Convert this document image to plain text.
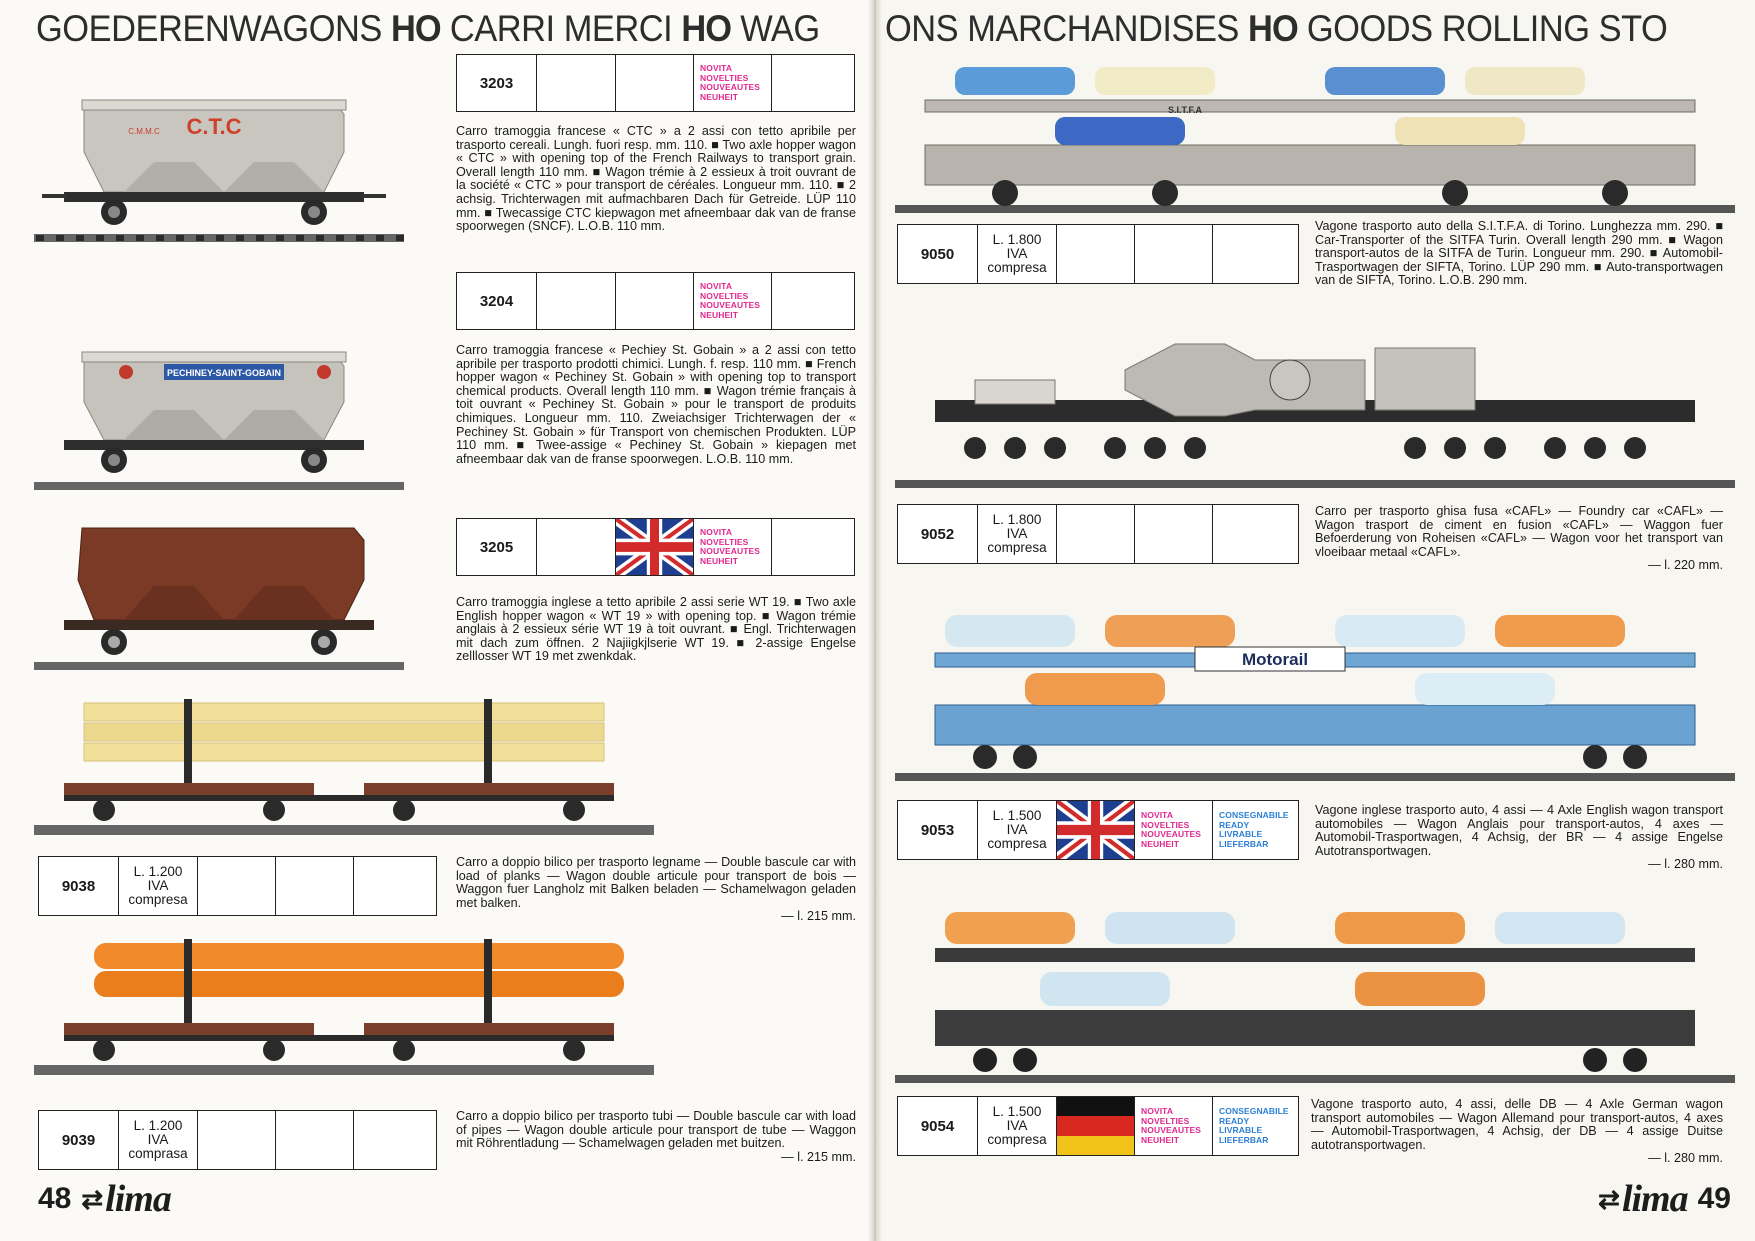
GOEDERENWAGONS HO CARRI MERCI HO WAG
C.T.C
C.M.M.C
3203
NOVITA
NOVELTIES
NOUVEAUTES
NEUHEIT
Carro tramoggia francese « CTC » a 2 assi con tetto apribile per trasporto cereali. Lungh. fuori resp. mm. 110. ■ Two axle hopper wagon « CTC » with opening top of the French Railways to transport grain. Overall length 110 mm. ■ Wagon trémie à 2 essieux à troit ouvrant de la société « CTC » pour transport de céréales. Longueur mm. 110. ■ 2 achsig. Trichterwagen mit aufmachbaren Dach für Getreide. LÜP 110 mm. ■ Twecassige CTC kiepwagon met afneembaar dak van de franse spoorwegen (SNCF). L.O.B. 110 mm.
PECHINEY-SAINT-GOBAIN
3204
NOVITA
NOVELTIES
NOUVEAUTES
NEUHEIT
Carro tramoggia francese « Pechiey St. Gobain » a 2 assi con tetto apribile per trasporto prodotti chimici. Lungh. f. resp. 110 mm. ■ French hopper wagon « Pechiney St. Gobain » with opening top to transport chemical products. Overall length 110 mm. ■ Wagon trémie français à toit ouvrant « Pechiney St. Gobain » pour le transport de produits chimiques. Longueur mm. 110. Zweiachsiger Trichterwagen der « Pechiney St. Gobain » für Transport von chemischen Produkten. LÜP 110 mm. ■ Twee-assige « Pechiney St. Gobain » kiepagen met afneembaar dak van de franse spoorwegen. L.O.B. 110 mm.
3205
NOVITA
NOVELTIES
NOUVEAUTES
NEUHEIT
Carro tramoggia inglese a tetto apribile 2 assi serie WT 19. ■ Two axle English hopper wagon « WT 19 » with opening top. ■ Wagon trémie anglais à 2 essieux série WT 19 à toit ouvrant. ■ Engl. Trichterwagen mit dach zum öffnen. 2 Najiigkjlserie WT 19. ■ 2-assige Engelse zelllosser WT 19 met zwenkdak.
9038
L. 1.200
IVA
compresa
Carro a doppio bilico per trasporto legname — Double bascule car with load of planks — Wagon double articule pour transport de bois — Waggon fuer Langholz mit Balken beladen — Schamelwagon geladen met balken.
— l. 215 mm.
9039
L. 1.200
IVA
comprasa
Carro a doppio bilico per trasporto tubi — Double bascule car with load of pipes — Wagon double articule pour transport de tube — Waggon mit Röhrentladung — Schamelwagen geladen met buitzen.
— l. 215 mm.
48 ⇄ lima
ONS MARCHANDISES HO GOODS ROLLING STO
S.I.T.F.A
9050
L. 1.800
IVA
compresa
Vagone trasporto auto della S.I.T.F.A. di Torino. Lunghezza mm. 290. ■ Car-Transporter of the SITFA Turin. Overall length 290 mm. ■ Wagon transport-autos de la SITFA de Turin. Longueur mm. 290. ■ Automobil-Trasportwagen der SIFTA, Torino. LÜP 290 mm. ■ Auto-transportwagen van de SIFTA, Torino. L.O.B. 290 mm.
9052
L. 1.800
IVA
compresa
Carro per trasporto ghisa fusa «CAFL» — Foundry car «CAFL» — Wagon trasport de ciment en fusion «CAFL» — Waggon fuer Befoerderung von Roheisen «CAFL» — Wagon voor het transport van vloeibaar metaal «CAFL».
— l. 220 mm.
Motorail
9053
L. 1.500
IVA
compresa
NOVITA
NOVELTIES
NOUVEAUTES
NEUHEIT
CONSEGNABILE
READY
LIVRABLE
LIEFERBAR
Vagone inglese trasporto auto, 4 assi — 4 Axle English wagon transport automobiles — Wagon Anglais pour transport-autos, 4 axes — Automobil-Trasportwagen, 4 Achsig, der BR — 4 assige Engelse Autotransportwagen.
— l. 280 mm.
9054
L. 1.500
IVA
compresa
NOVITA
NOVELTIES
NOUVEAUTES
NEUHEIT
CONSEGNABILE
READY
LIVRABLE
LIEFERBAR
Vagone trasporto auto, 4 assi, delle DB — 4 Axle German wagon transport automobiles — Wagon Allemand pour transport-autos, 4 axes — Automobil-Trasportwagen, 4 Achsig, der DB — 4 assige Duitse autotransportwagen.
— l. 280 mm.
⇄ lima 49
